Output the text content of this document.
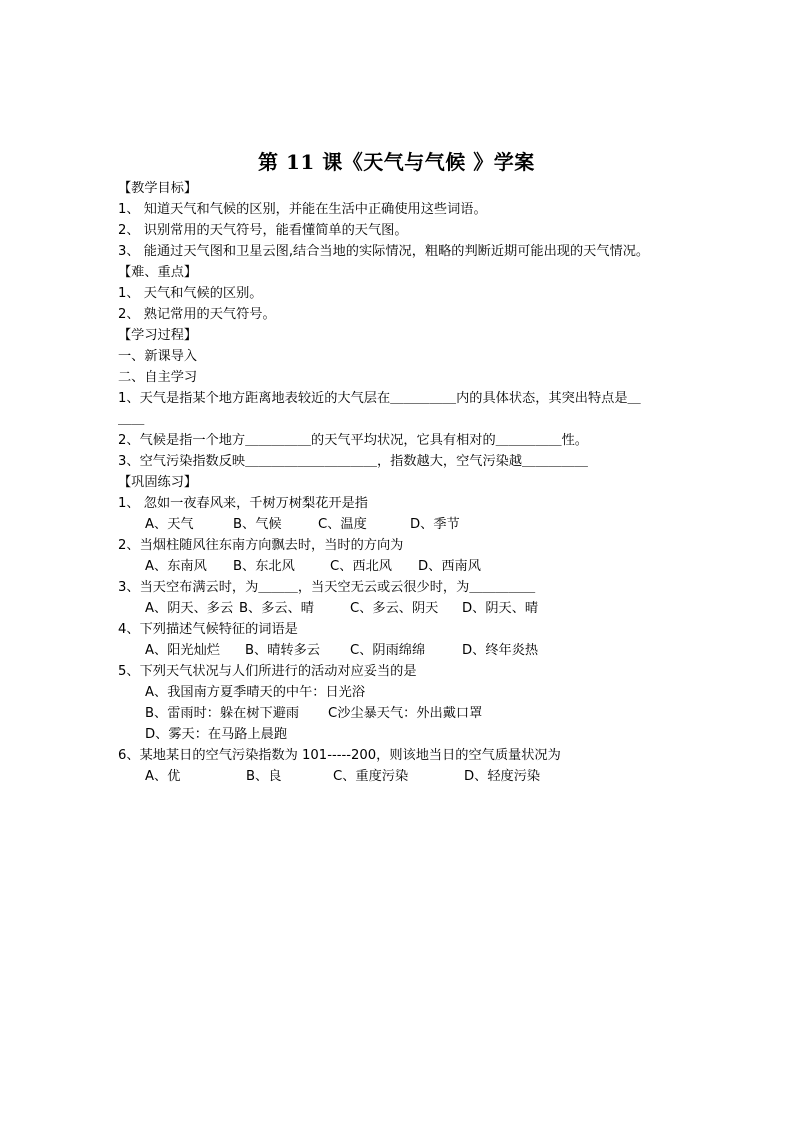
第 11 课《天气与气候 》学案
【教学目标】
1、 知道天气和气候的区别，并能在生活中正确使用这些词语。
2、 识别常用的天气符号，能看懂简单的天气图。
3、 能通过天气图和卫星云图,结合当地的实际情况，粗略的判断近期可能出现的天气情况。
【难、重点】
1、 天气和气候的区别。
2、 熟记常用的天气符号。
【学习过程】
一、新课导入
二、自主学习
1、天气是指某个地方距离地表较近的大气层在＿＿＿＿＿内的具体状态，其突出特点是＿
＿＿
2、气候是指一个地方＿＿＿＿＿的天气平均状况，它具有相对的＿＿＿＿＿性。
3、空气污染指数反映＿＿＿＿＿＿＿＿＿＿，指数越大，空气污染越＿＿＿＿＿
【巩固练习】
1、 忽如一夜春风来，千树万树梨花开是指
A、天气	B、气候	C、温度	D、季节
2、当烟柱随风往东南方向飘去时，当时的方向为
A、东南风 B、东北风	C、西北风 D、西南风
3、当天空布满云时，为＿＿＿，当天空无云或云很少时，为＿＿＿＿＿
A、阴天、多云 B、多云、晴	C、多云、阴天 D、阴天、晴
4、下列描述气候特征的词语是
A、阳光灿烂 B、晴转多云 C、阴雨绵绵	D、终年炎热
5、下列天气状况与人们所进行的活动对应妥当的是
A、我国南方夏季晴天的中午：日光浴
B、雷雨时：躲在树下避雨 C沙尘暴天气：外出戴口罩
D、雾天：在马路上晨跑
6、某地某日的空气污染指数为 101-----200，则该地当日的空气质量状况为
A、优	B、良	C、重度污染	D、轻度污染
